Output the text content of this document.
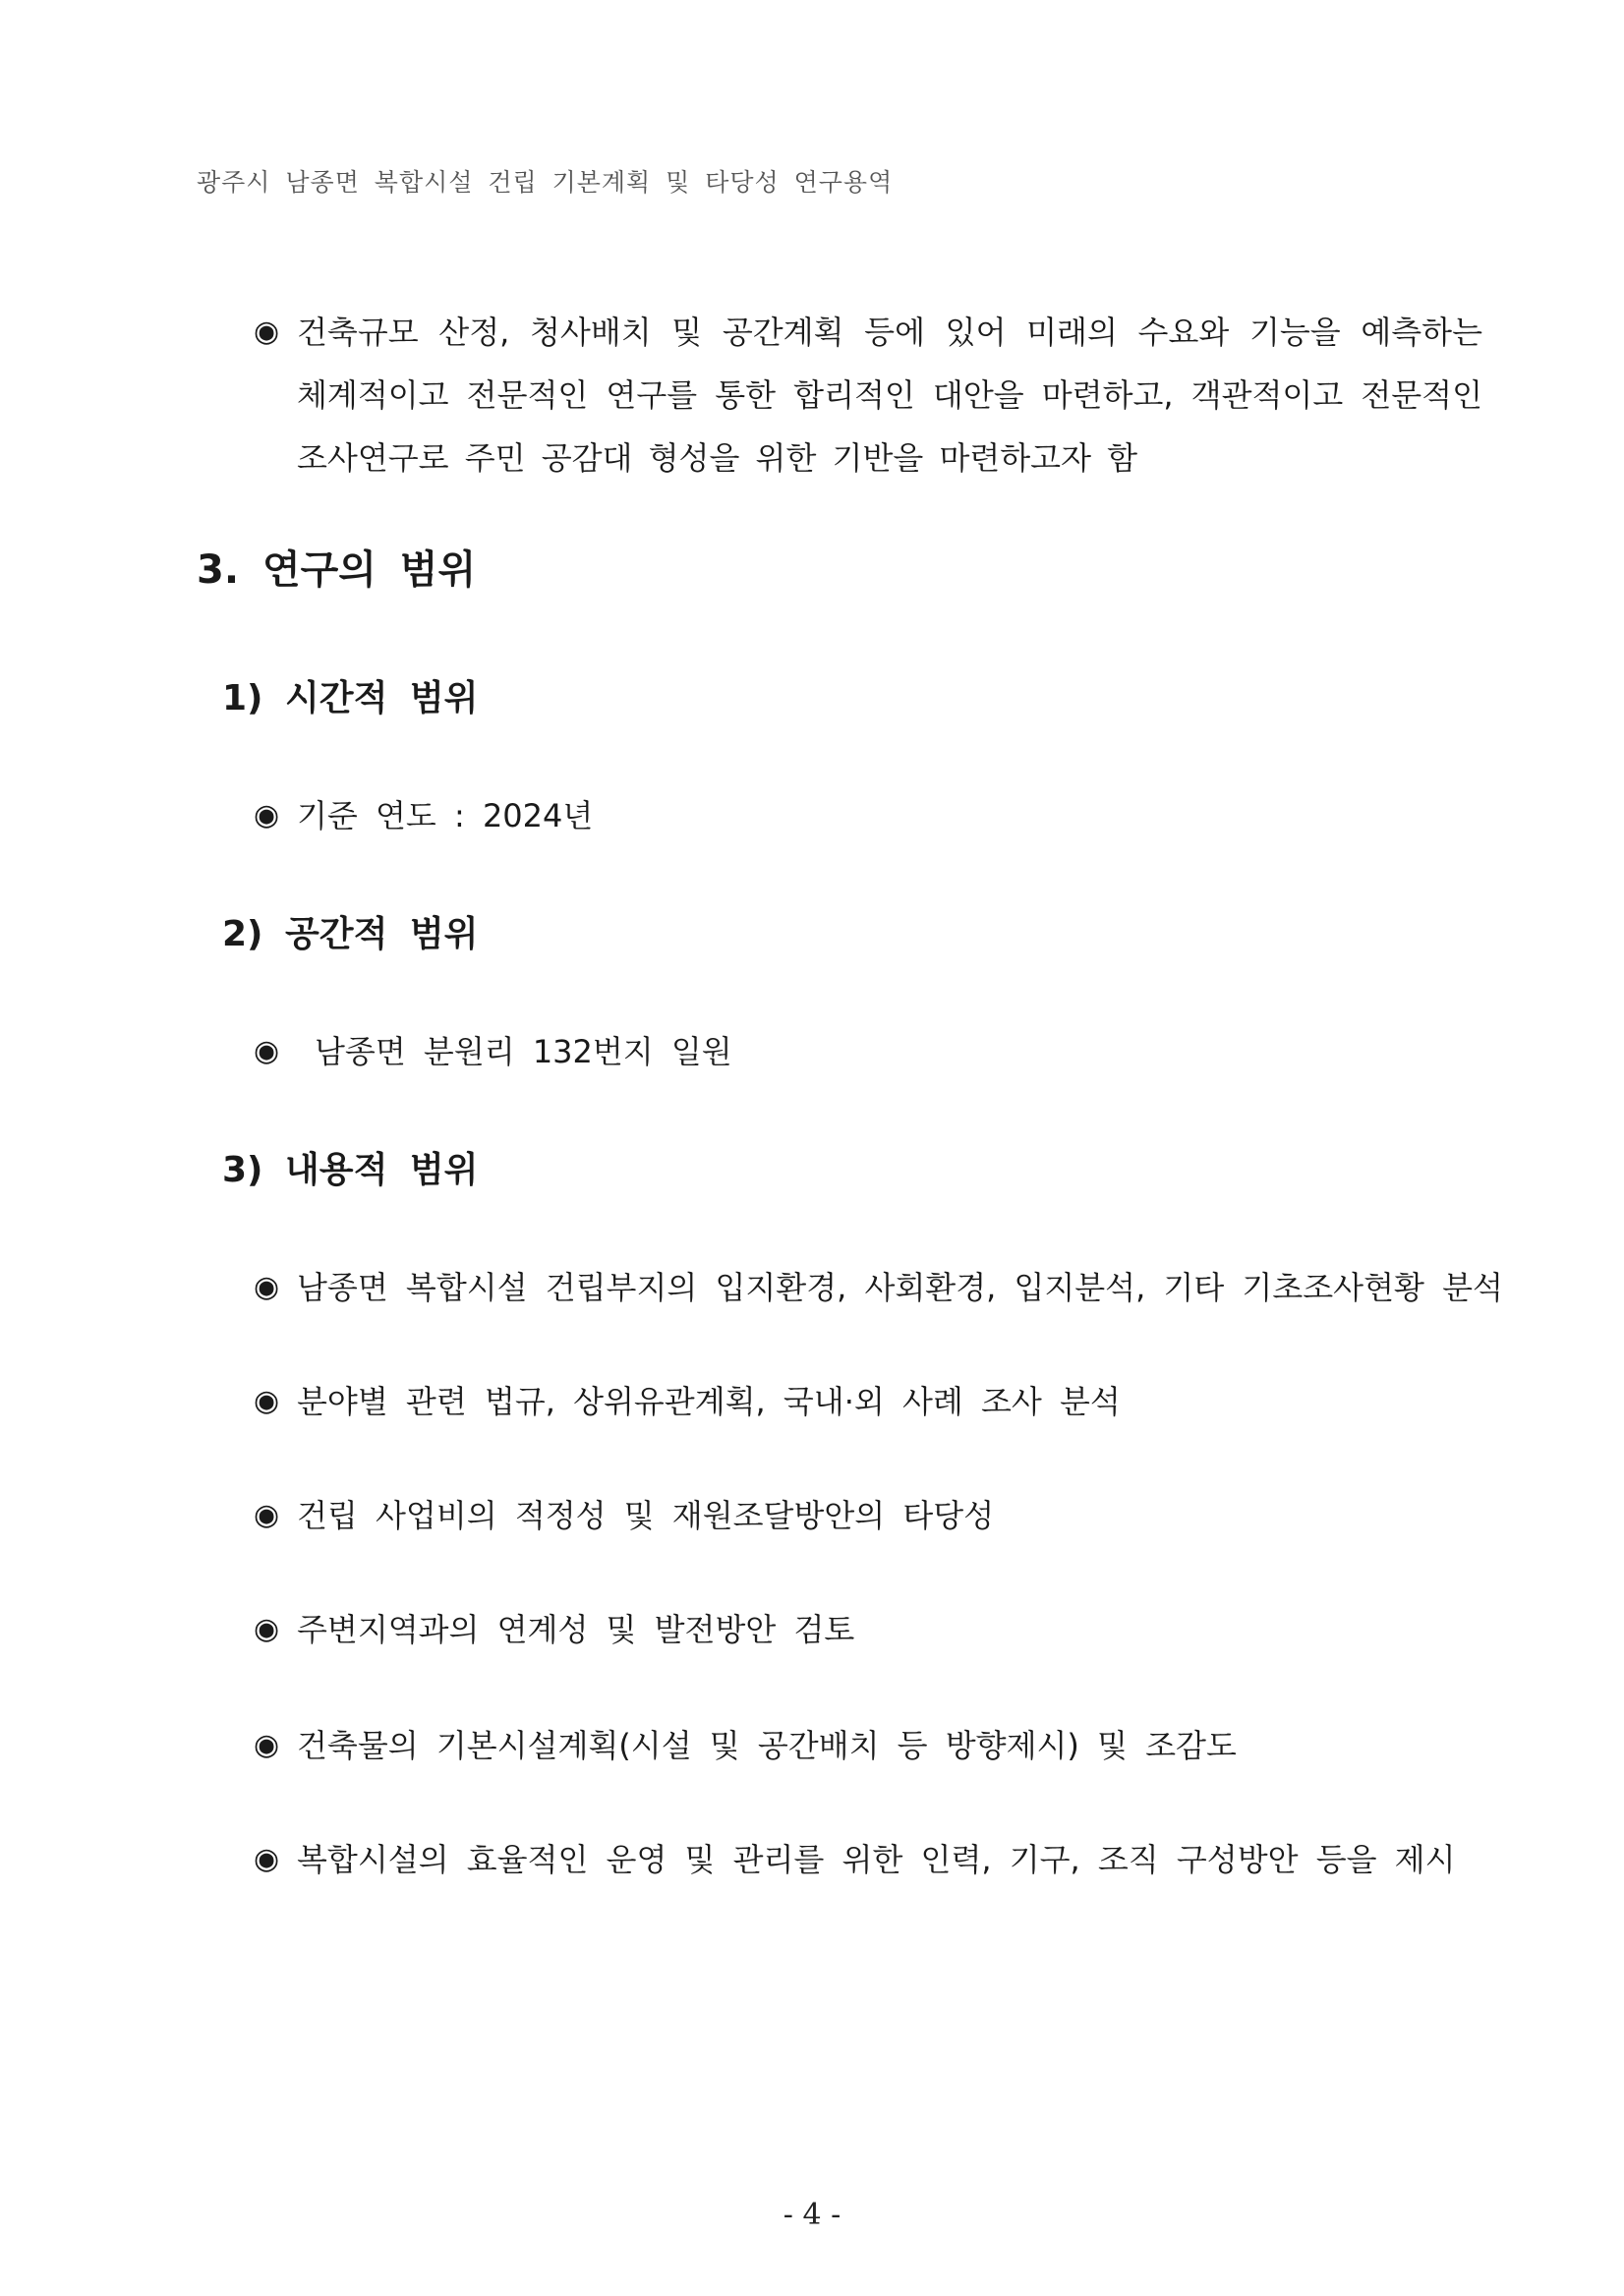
광주시 남종면 복합시설 건립 기본계획 및 타당성 연구용역
◉ 건축규모 산정, 청사배치 및 공간계획 등에 있어 미래의 수요와 기능을 예측하는 체계적이고 전문적인 연구를 통한 합리적인 대안을 마련하고, 객관적이고 전문적인 조사연구로 주민 공감대 형성을 위한 기반을 마련하고자 함
3. 연구의 범위
1) 시간적 범위
◉ 기준 연도 : 2024년
2) 공간적 범위
◉	남종면 분원리 132번지 일원
3) 내용적 범위
◉ 남종면 복합시설 건립부지의 입지환경, 사회환경, 입지분석, 기타 기초조사현황 분석
◉ 분야별 관련 법규, 상위유관계획, 국내·외 사례 조사 분석
◉ 건립 사업비의 적정성 및 재원조달방안의 타당성
◉ 주변지역과의 연계성 및 발전방안 검토
◉ 건축물의 기본시설계획(시설 및 공간배치 등 방향제시) 및 조감도
◉ 복합시설의 효율적인 운영 및 관리를 위한 인력, 기구, 조직 구성방안 등을 제시
- 4 -
